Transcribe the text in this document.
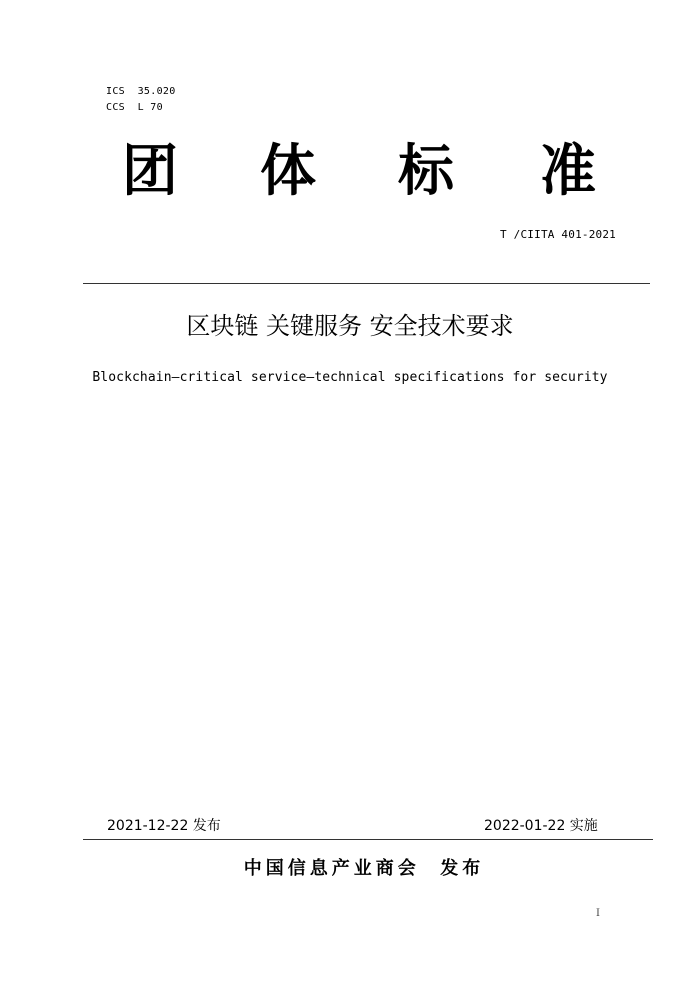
ICS  35.020
CCS  L 70
团 体 标 准
T /CIITA 401-2021
区块链 关键服务 安全技术要求
Blockchain—critical service—technical specifications for security
2021-12-22 发布	2022-01-22 实施
中国信息产业商会  发布
I
